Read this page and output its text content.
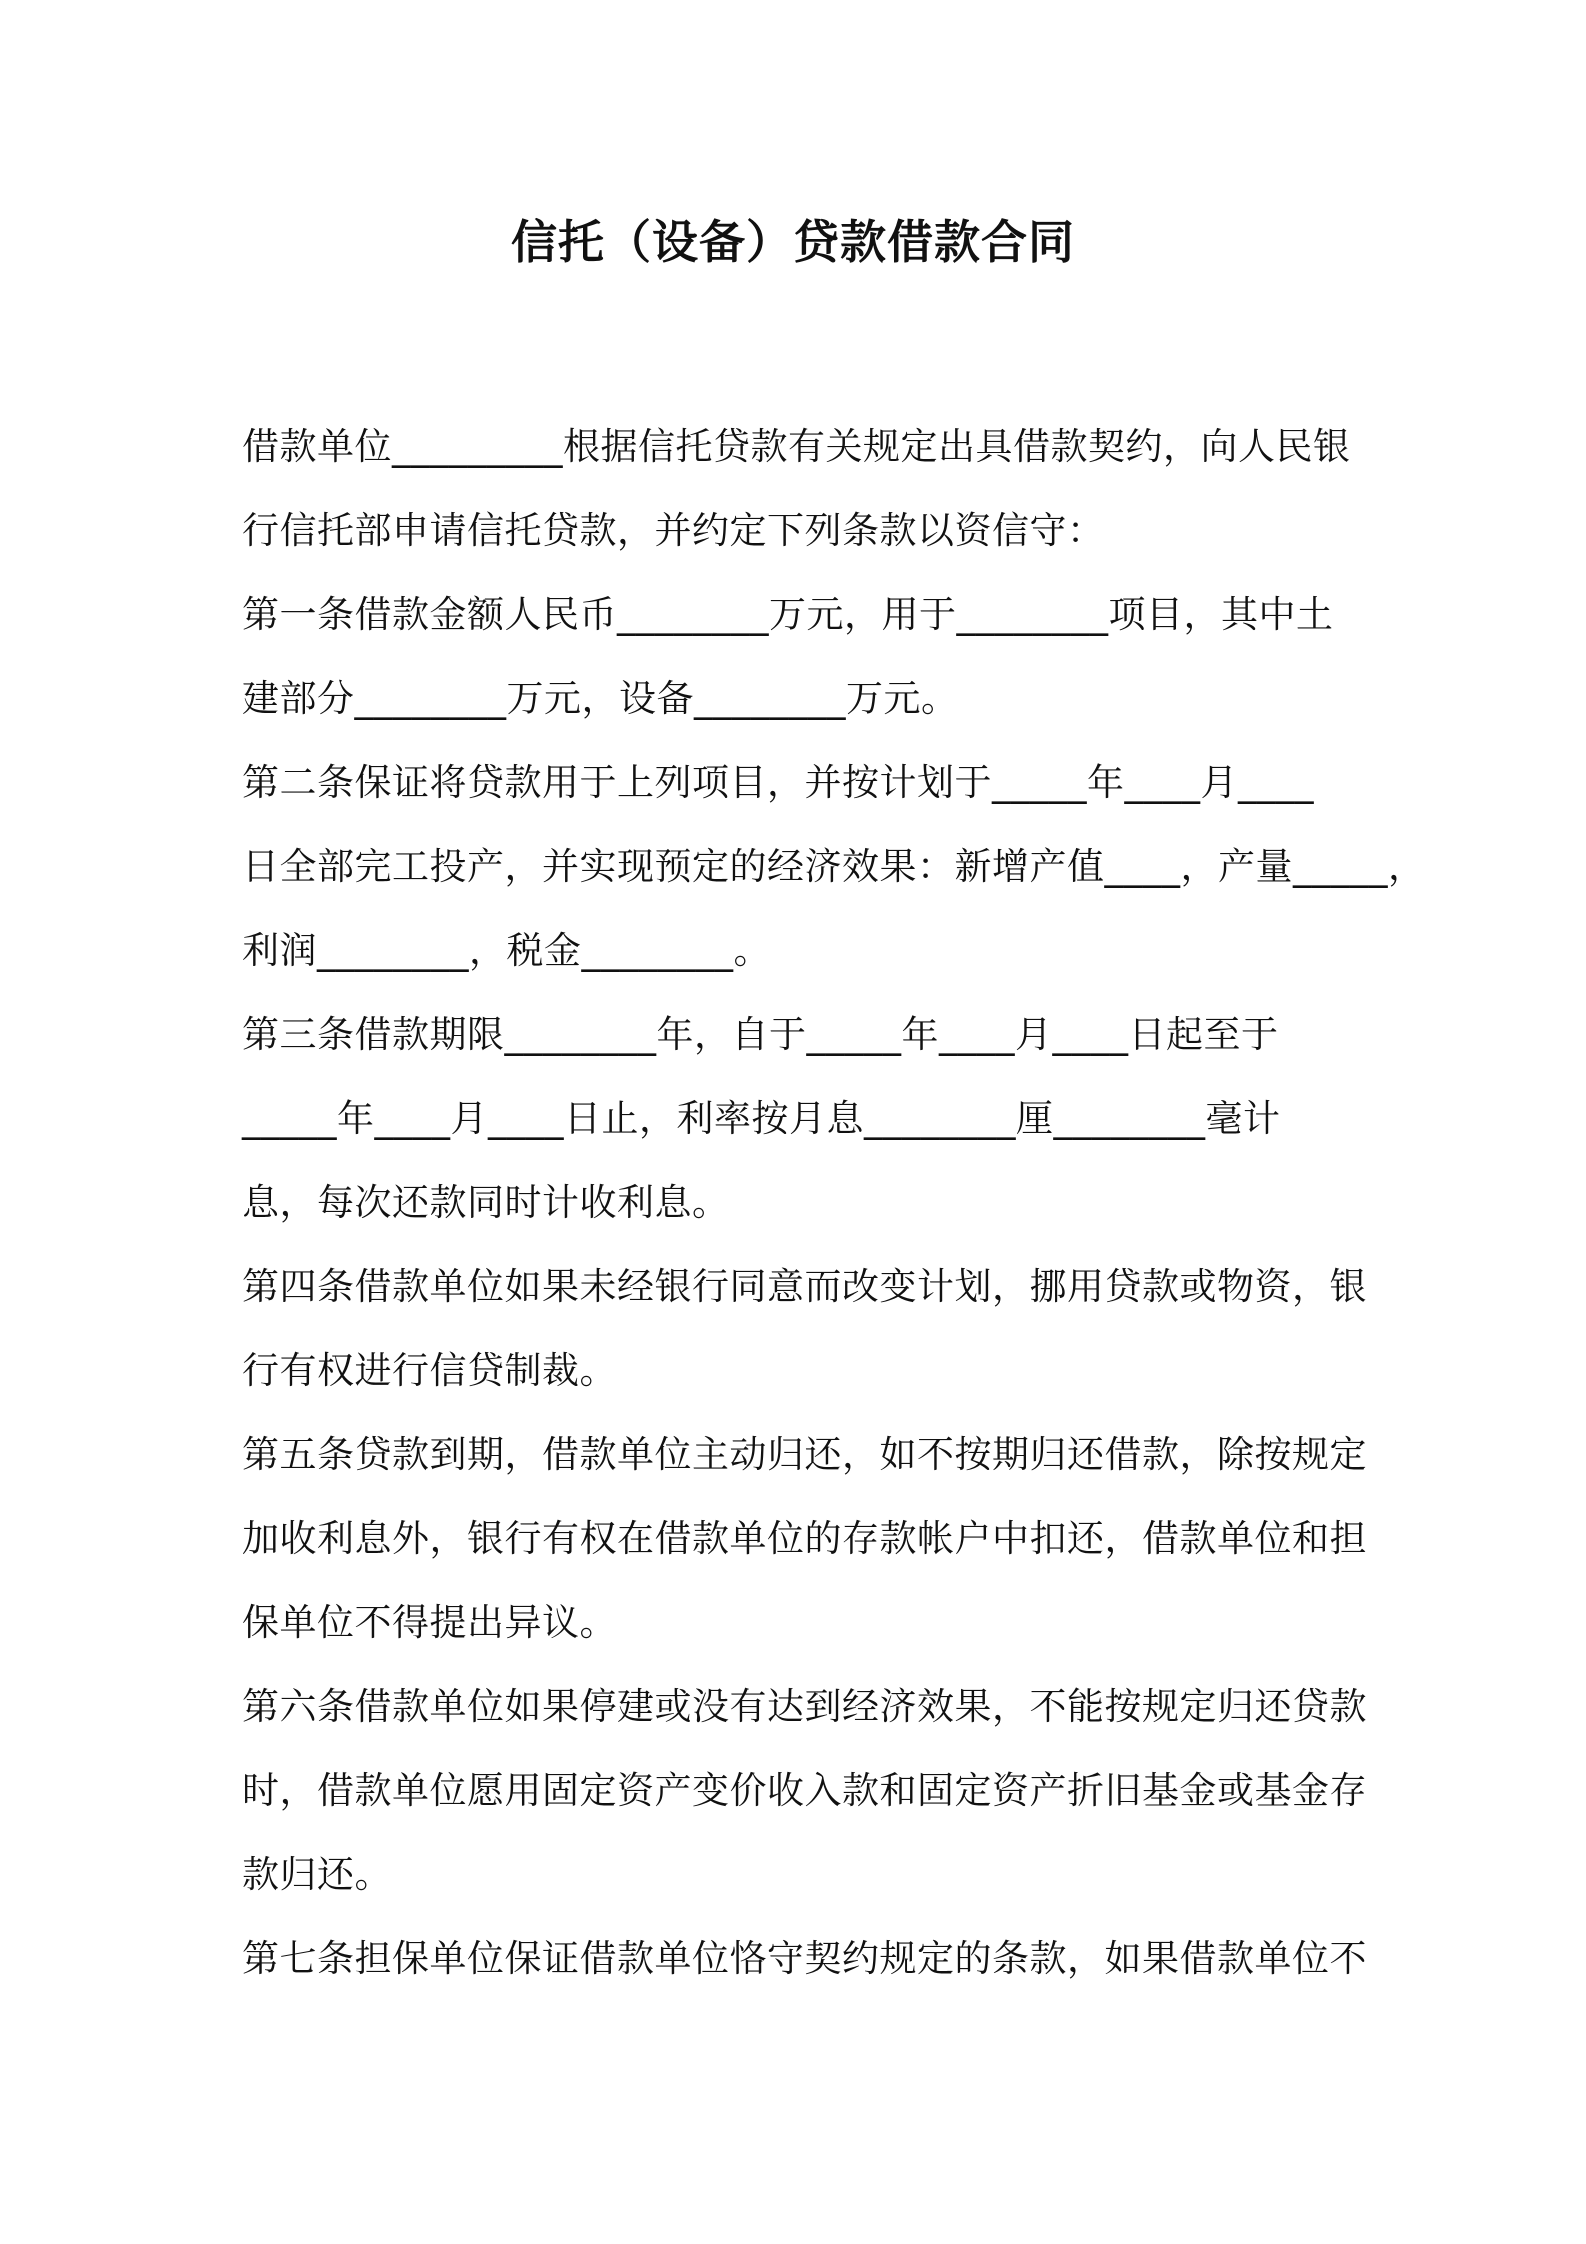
信托（设备）贷款借款合同
借款单位_________根据信托贷款有关规定出具借款契约，向人民银
行信托部申请信托贷款，并约定下列条款以资信守：
第一条借款金额人民币________万元，用于________项目，其中土
建部分________万元，设备________万元。
第二条保证将贷款用于上列项目，并按计划于_____年____月____
日全部完工投产，并实现预定的经济效果：新增产值____，产量_____，
利润________，税金________。
第三条借款期限________年，自于_____年____月____日起至于
_____年____月____日止，利率按月息________厘________毫计
息，每次还款同时计收利息。
第四条借款单位如果未经银行同意而改变计划，挪用贷款或物资，银
行有权进行信贷制裁。
第五条贷款到期，借款单位主动归还，如不按期归还借款，除按规定
加收利息外，银行有权在借款单位的存款帐户中扣还，借款单位和担
保单位不得提出异议。
第六条借款单位如果停建或没有达到经济效果，不能按规定归还贷款
时，借款单位愿用固定资产变价收入款和固定资产折旧基金或基金存
款归还。
第七条担保单位保证借款单位恪守契约规定的条款，如果借款单位不
